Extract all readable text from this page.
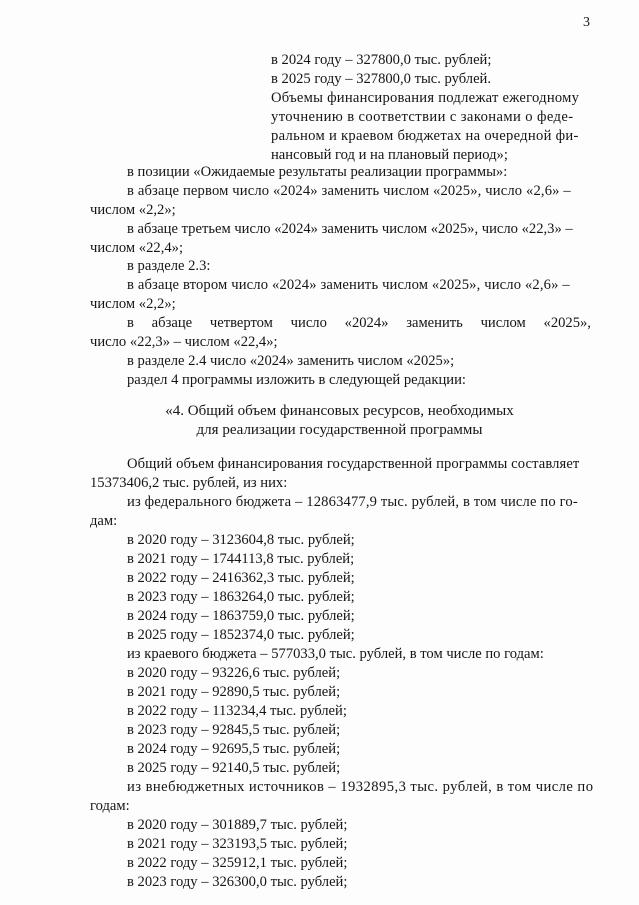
3
в 2024 году – 327800,0 тыс. рублей;
в 2025 году – 327800,0 тыс. рублей.
Объемы финансирования подлежат ежегодному
уточнению в соответствии с законами о феде-
ральном и краевом бюджетах на очередной фи-
нансовый год и на плановый период»;
в позиции «Ожидаемые результаты реализации программы»:
в абзаце первом число «2024» заменить числом «2025», число «2,6» –
числом «2,2»;
в абзаце третьем число «2024» заменить числом «2025», число «22,3» –
числом «22,4»;
в разделе 2.3:
в абзаце втором число «2024» заменить числом «2025», число «2,6» –
числом «2,2»;
в абзаце четвертом число «2024» заменить числом «2025»,
число «22,3» – числом «22,4»;
в разделе 2.4 число «2024» заменить числом «2025»;
раздел 4 программы изложить в следующей редакции:
«4. Общий объем финансовых ресурсов, необходимых
для реализации государственной программы
Общий объем финансирования государственной программы составляет
15373406,2 тыс. рублей, из них:
из федерального бюджета – 12863477,9 тыс. рублей, в том числе по го-
дам:
в 2020 году – 3123604,8 тыс. рублей;
в 2021 году – 1744113,8 тыс. рублей;
в 2022 году – 2416362,3 тыс. рублей;
в 2023 году – 1863264,0 тыс. рублей;
в 2024 году – 1863759,0 тыс. рублей;
в 2025 году – 1852374,0 тыс. рублей;
из краевого бюджета – 577033,0 тыс. рублей, в том числе по годам:
в 2020 году – 93226,6 тыс. рублей;
в 2021 году – 92890,5 тыс. рублей;
в 2022 году – 113234,4 тыс. рублей;
в 2023 году – 92845,5 тыс. рублей;
в 2024 году – 92695,5 тыс. рублей;
в 2025 году – 92140,5 тыс. рублей;
из внебюджетных источников – 1932895,3 тыс. рублей, в том числе по
годам:
в 2020 году – 301889,7 тыс. рублей;
в 2021 году – 323193,5 тыс. рублей;
в 2022 году – 325912,1 тыс. рублей;
в 2023 году – 326300,0 тыс. рублей;
